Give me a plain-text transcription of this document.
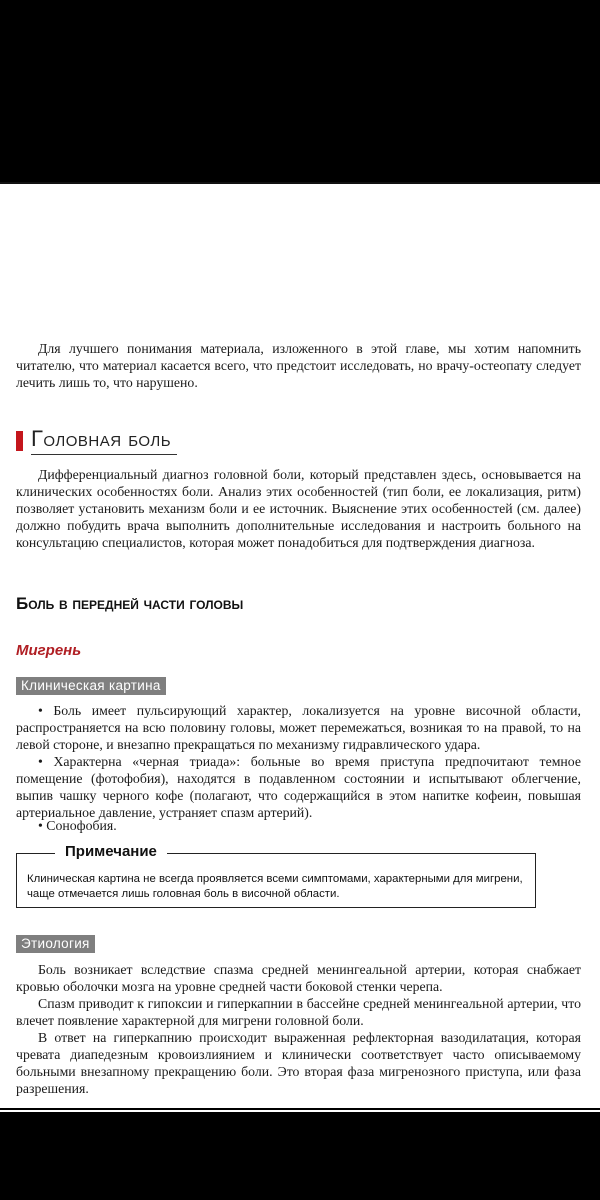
Для лучшего понимания материала, изложенного в этой главе, мы хотим напомнить читателю, что материал касается всего, что предстоит исследовать, но врачу-остеопату следует лечить лишь то, что нарушено.

Головная боль

Дифференциальный диагноз головной боли, который представлен здесь, основывается на клинических особенностях боли. Анализ этих особенностей (тип боли, ее локализация, ритм) позволяет установить механизм боли и ее источник. Выяснение этих особенностей (см. далее) должно побудить врача выполнить дополнительные исследования и настроить больного на консультацию специалистов, которая может понадобиться для подтверждения диагноза.

Боль в передней части головы
Мигрень
Клиническая картина

• Боль имеет пульсирующий характер, локализуется на уровне височной области, распространяется на всю половину головы, может перемежаться, возникая то на правой, то на левой стороне, и внезапно прекращаться по механизму гидравлического удара.

• Характерна «черная триада»: больные во время приступа предпочитают темное помещение (фотофобия), находятся в подавленном состоянии и испытывают облегчение, выпив чашку черного кофе (полагают, что содержащийся в этом напитке кофеин, повышая артериальное давление, устраняет спазм артерий).

• Сонофобия.

Примечание

Клиническая картина не всегда проявляется всеми симптомами, характерными для мигрени, чаще отмечается лишь головная боль в височной области.

Этиология

Боль возникает вследствие спазма средней менингеальной артерии, которая снабжает кровью оболочки мозга на уровне средней части боковой стенки черепа.

Спазм приводит к гипоксии и гиперкапнии в бассейне средней менингеальной артерии, что влечет появление характерной для мигрени головной боли.

В ответ на гиперкапнию происходит выраженная рефлекторная вазодилатация, которая чревата диапедезным кровоизлиянием и клинически соответствует часто описываемому больными внезапному прекращению боли. Это вторая фаза мигренозного приступа, или фаза разрешения.
